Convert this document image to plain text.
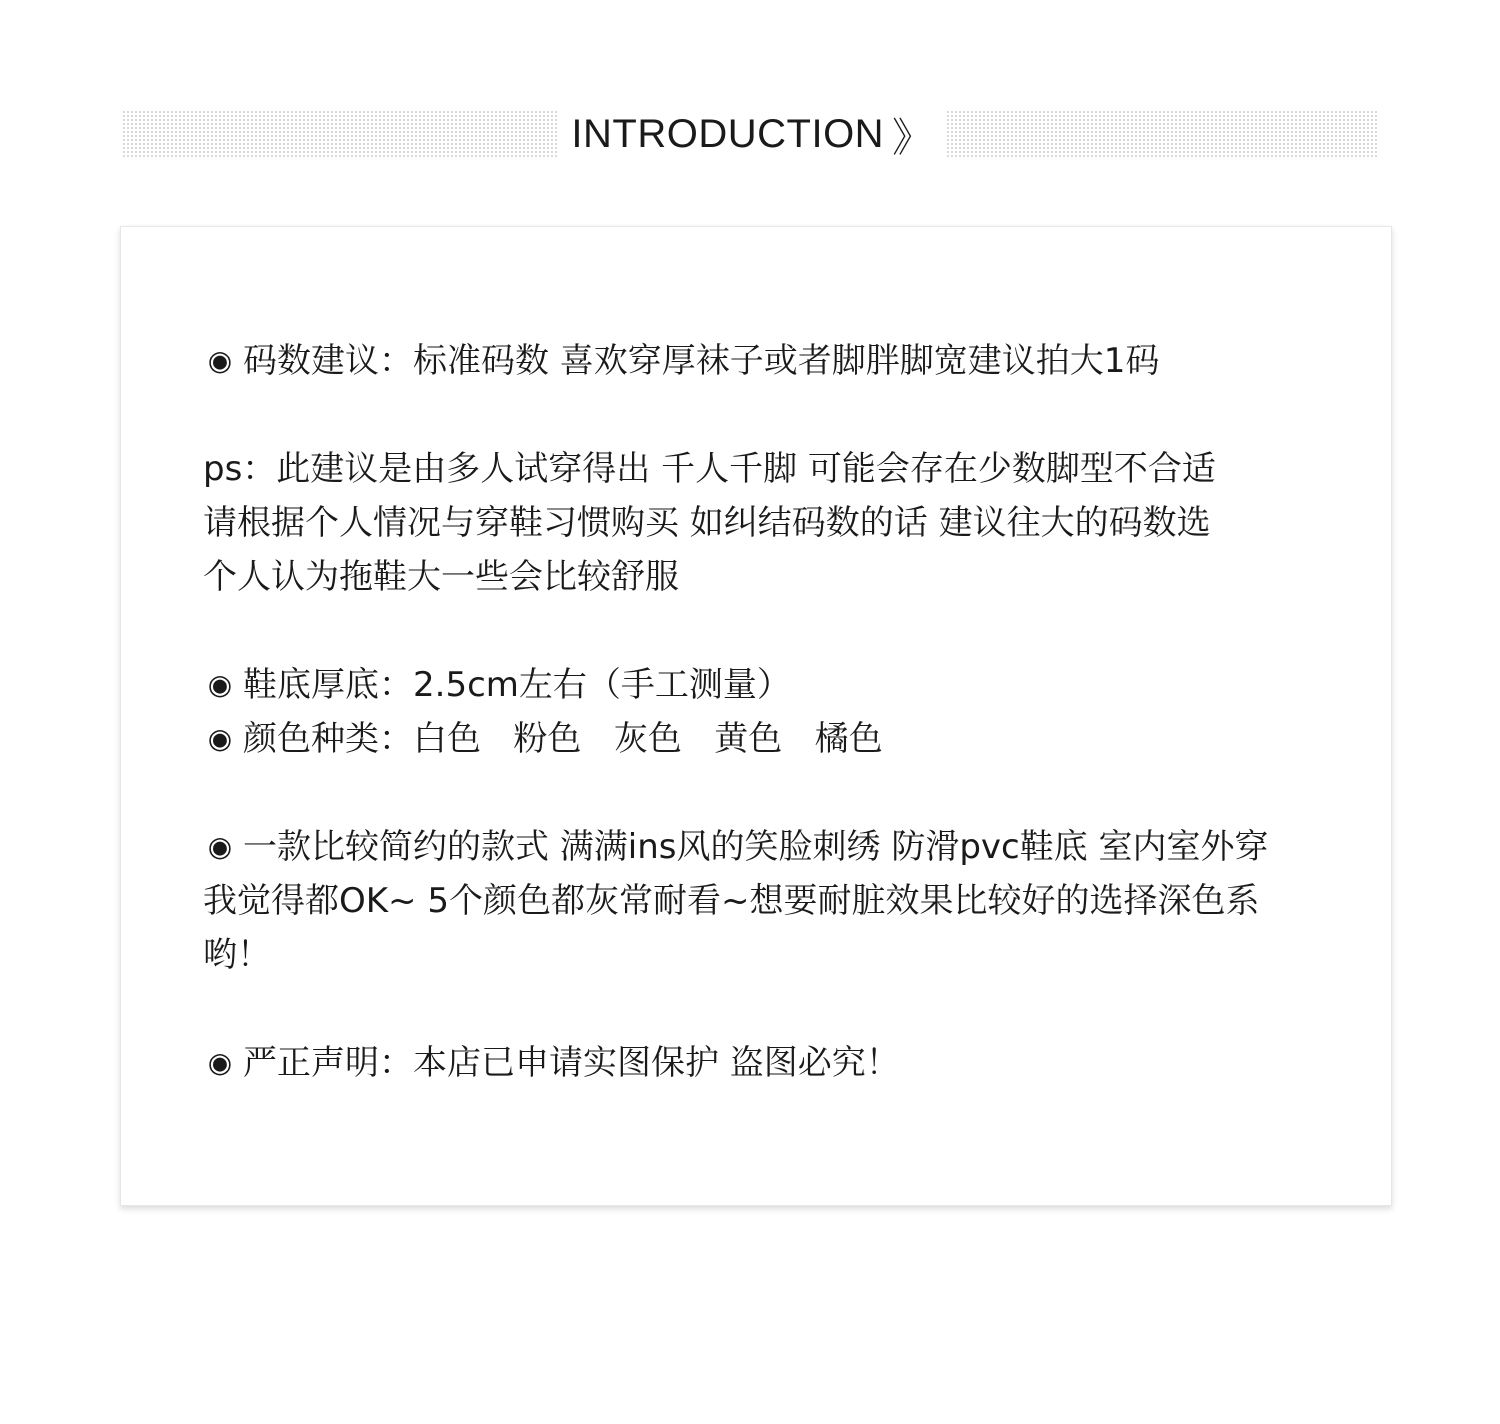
INTRODUCTION 》
◉ 码数建议：标准码数 喜欢穿厚袜子或者脚胖脚宽建议拍大1码
ps：此建议是由多人试穿得出 千人千脚 可能会存在少数脚型不合适
请根据个人情况与穿鞋习惯购买 如纠结码数的话 建议往大的码数选
个人认为拖鞋大一些会比较舒服
◉ 鞋底厚底：2.5cm左右（手工测量）
◉ 颜色种类：白色   粉色   灰色   黄色   橘色
◉ 一款比较简约的款式 满满ins风的笑脸刺绣 防滑pvc鞋底 室内室外穿
我觉得都OK~ 5个颜色都灰常耐看~想要耐脏效果比较好的选择深色系
哟！
◉ 严正声明：本店已申请实图保护 盗图必究！
